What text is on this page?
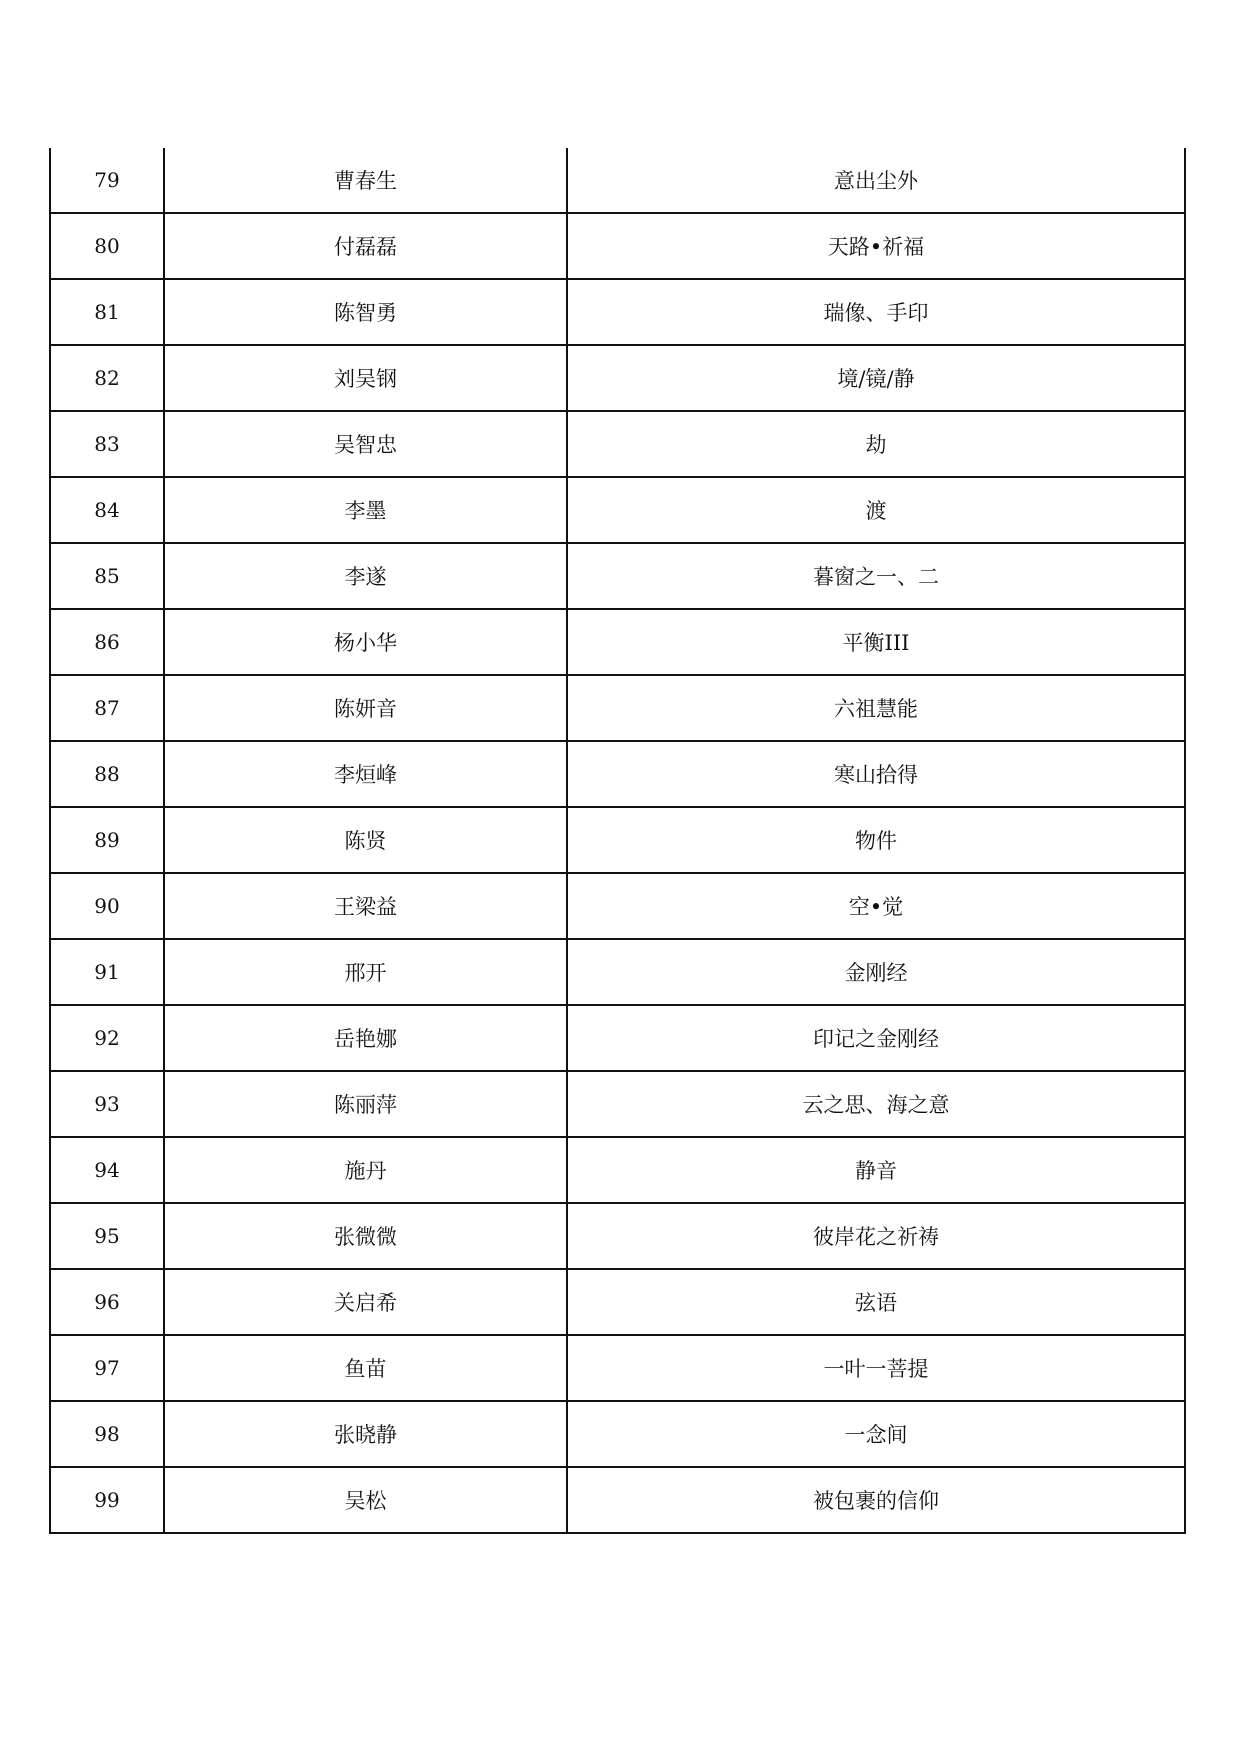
79	曹春生	意出尘外
80	付磊磊	天路•祈福
81	陈智勇	瑞像、手印
82	刘吴钢	境/镜/静
83	吴智忠	劫
84	李墨	渡
85	李遂	暮窗之一、二
86	杨小华	平衡III
87	陈妍音	六祖慧能
88	李烜峰	寒山拾得
89	陈贤	物件
90	王梁益	空•觉
91	邢开	金刚经
92	岳艳娜	印记之金刚经
93	陈丽萍	云之思、海之意
94	施丹	静音
95	张微微	彼岸花之祈祷
96	关启希	弦语
97	鱼苗	一叶一菩提
98	张晓静	一念间
99	吴松	被包裹的信仰
